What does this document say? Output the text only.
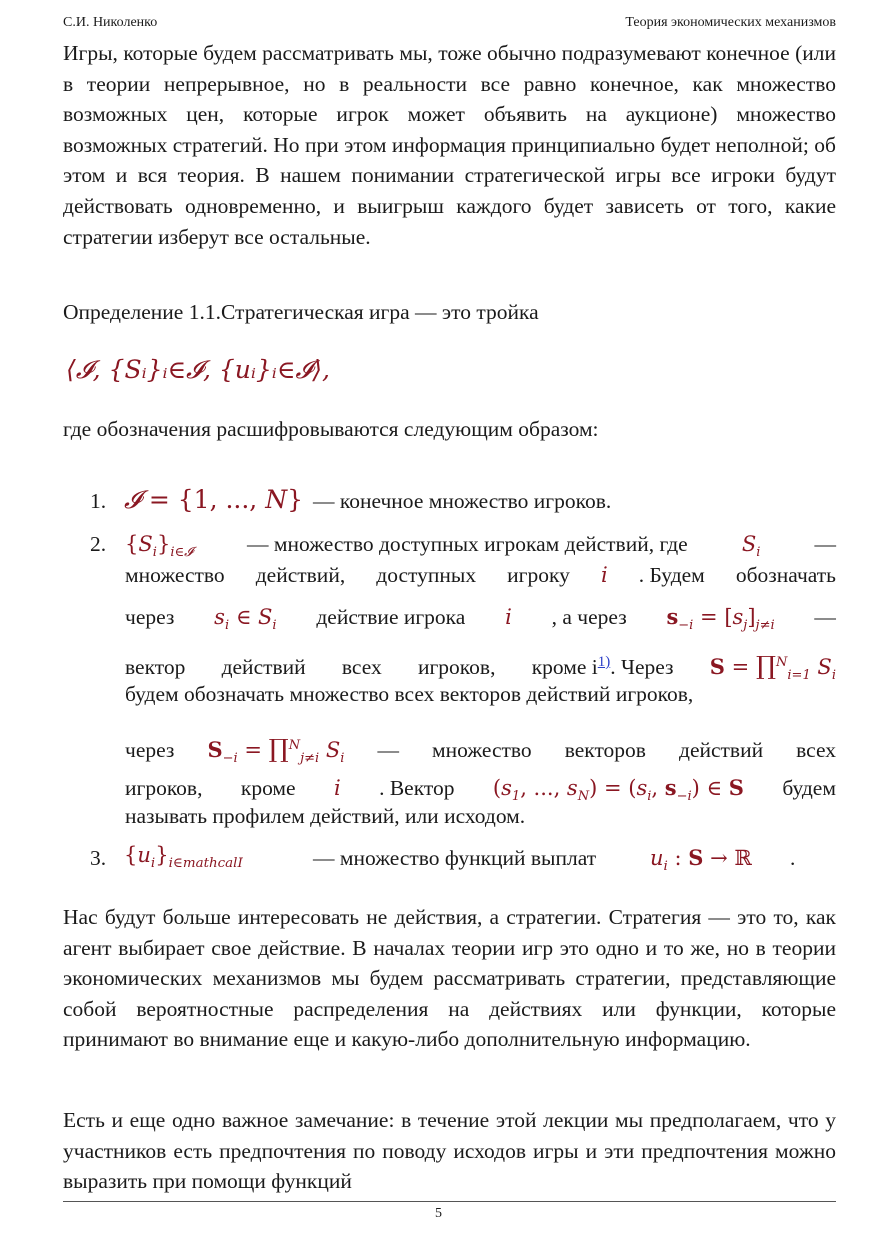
С.И. Николенко	Теория экономических механизмов
Игры, которые будем рассматривать мы, тоже обычно подразумевают конечное (или в теории непрерывное, но в реальности все равно конечное, как множество возможных цен, которые игрок может объявить на аукционе) множество возможных стратегий. Но при этом информация принципиально будет неполной; об этом и вся теория. В нашем понимании стратегической игры все игроки будут действовать одновременно, и выигрыш каждого будет зависеть от того, какие стратегии изберут все остальные.
Определение 1.1.Стратегическая игра — это тройка
⟨𝓘, {Sᵢ}ᵢ∈𝓘, {uᵢ}ᵢ∈𝓘⟩,
где обозначения расшифровываются следующим образом:
1. 𝓘 = {1, ..., N} — конечное множество игроков.
2. $\{S_i\}_{i\in 𝓘}$	— множество доступных игрокам действий, где	$S_i$	—
множество действий, доступных игроку i . Будем обозначать
через $s_i$ ∈ $S_i$ действие игрока i , а через $s_{-i} = [s_j]_{j\ne i}$ —
вектор действий всех игроков, кроме i$^{1)}$. Через S = ∏$^N_{i=1}$ $S_i$
будем обозначать множество всех векторов действий игроков,
через $S_{-i}$ = ∏$^N_{j\ne i}$ $S_i$ — множество векторов действий всех
игроков, кроме i . Вектор ($s_1$, ..., $s_N) = (s_i$, $s_{-i}$) ∈ S будем
называть профилем действий, или исходом.
3. $\{u_i\}_{i\in mathcalI}$	— множество функций выплат	$u_i$ : S → ℝ .
Нас будут больше интересовать не действия, а стратегии. Стратегия — это то, как агент выбирает свое действие. В началах теории игр это одно и то же, но в теории экономических механизмов мы будем рассматривать стратегии, представляющие собой вероятностные распределения на действиях или функции, которые принимают во внимание еще и какую-либо дополнительную информацию.
Есть и еще одно важное замечание: в течение этой лекции мы предполагаем, что у участников есть предпочтения по поводу исходов игры и эти предпочтения можно выразить при помощи функций
5
